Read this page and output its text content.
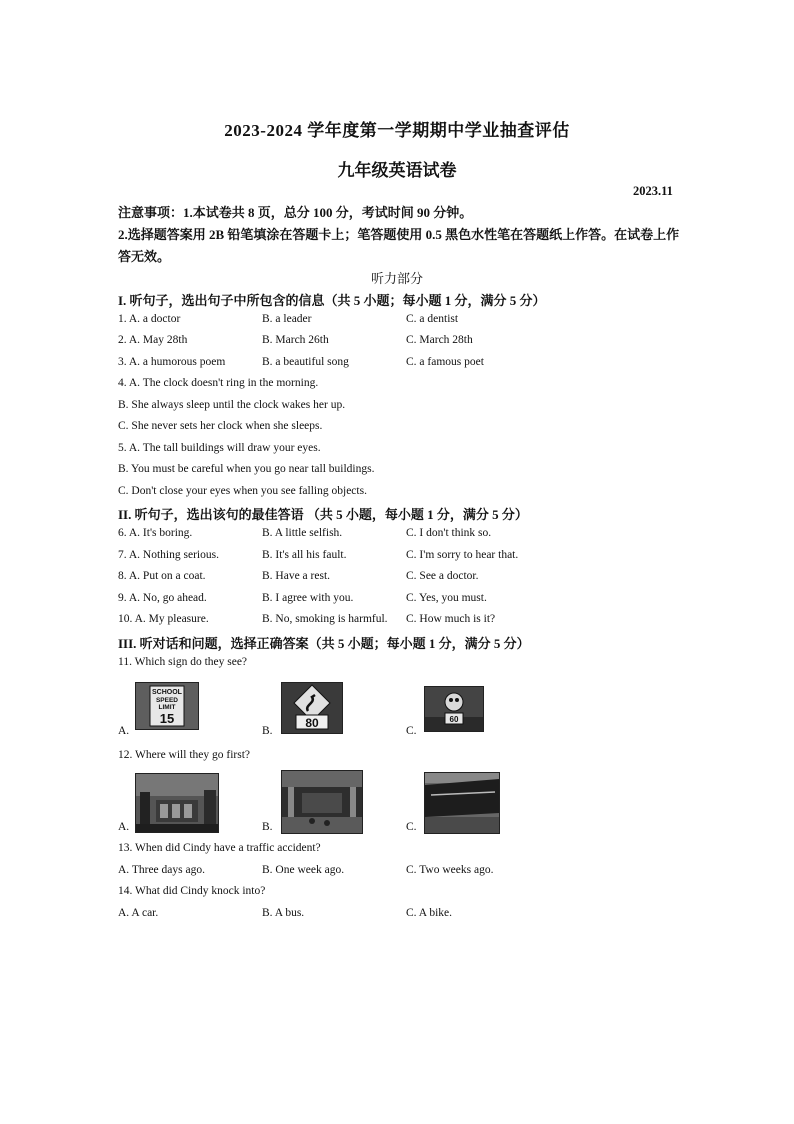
2023-2024 学年度第一学期期中学业抽查评估
九年级英语试卷
2023.11
注意事项：1.本试卷共 8 页，总分 100 分，考试时间 90 分钟。
2.选择题答案用 2B 铅笔填涂在答题卡上；笔答题使用 0.5 黑色水性笔在答题纸上作答。在试卷上作答无效。
听力部分
I. 听句子，选出句子中所包含的信息（共 5 小题；每小题 1 分，满分 5 分）
1. A. a doctor	B. a leader	C. a dentist
2. A. May 28th	B. March 26th	C. March 28th
3. A. a humorous poem	B. a beautiful song	C. a famous poet
4. A. The clock doesn't ring in the morning.
B. She always sleep until the clock wakes her up.
C. She never sets her clock when she sleeps.
5. A. The tall buildings will draw your eyes.
B. You must be careful when you go near tall buildings.
C. Don't close your eyes when you see falling objects.
II. 听句子，选出该句的最佳答语 （共 5 小题，每小题 1 分，满分 5 分）
6. A. It's boring.	B. A little selfish.	C. I don't think so.
7. A. Nothing serious.	B. It's all his fault.	C. I'm sorry to hear that.
8. A. Put on a coat.	B. Have a rest.	C. See a doctor.
9. A. No, go ahead.	B. I agree with you.	C. Yes, you must.
10. A. My pleasure.	B. No, smoking is harmful. C. How much is it?
III. 听对话和问题，选择正确答案（共 5 小题；每小题 1 分，满分 5 分）
11. Which sign do they see?
A.
SCHOOL
SPEED
LIMIT
15
B.
80
C.
60
12. Where will they go first?
A.	B.	C.
13. When did Cindy have a traffic accident?
A. Three days ago.	B. One week ago.	C. Two weeks ago.
14. What did Cindy knock into?
A. A car.	B. A bus.	C. A bike.
